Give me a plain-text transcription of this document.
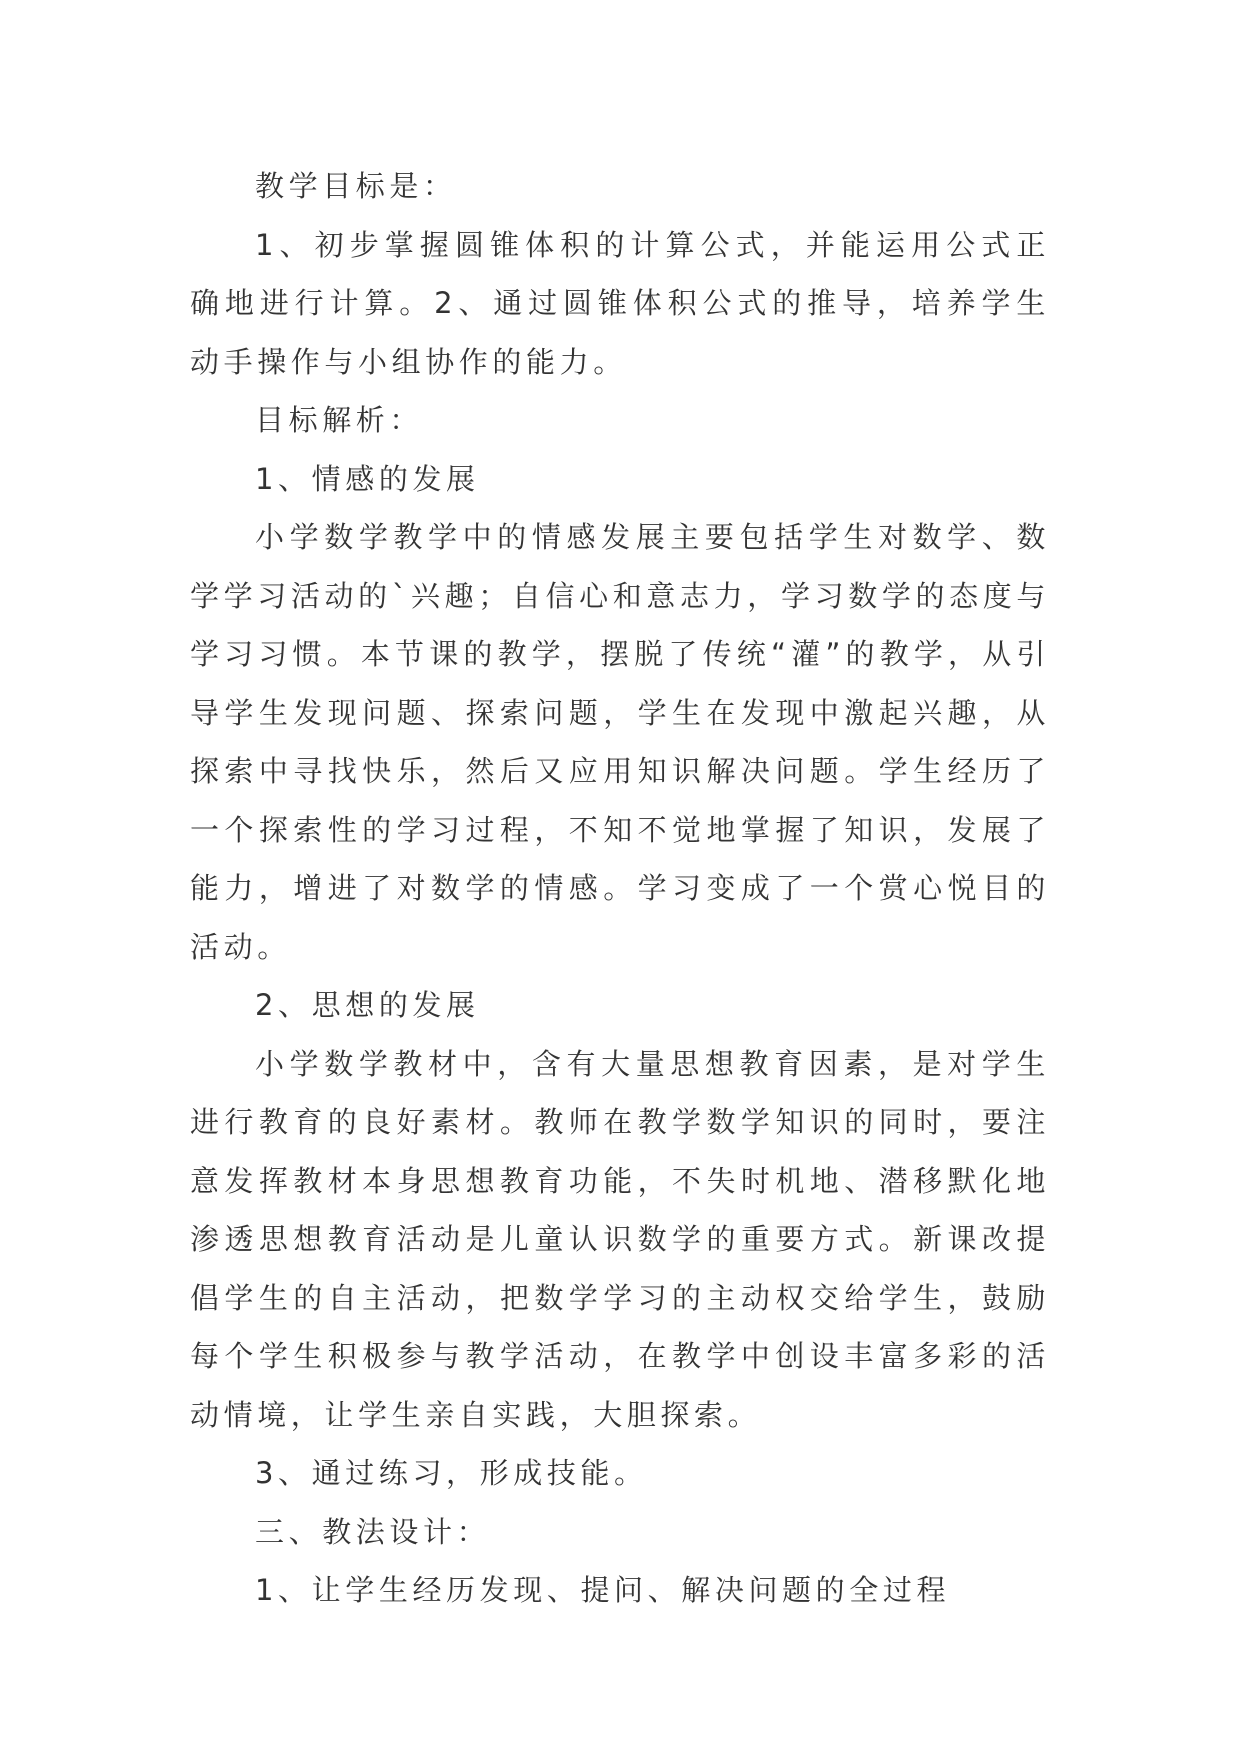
教学目标是：

1、初步掌握圆锥体积的计算公式，并能运用公式正确地进行计算。2、通过圆锥体积公式的推导，培养学生动手操作与小组协作的能力。

目标解析：

1、情感的发展

小学数学教学中的情感发展主要包括学生对数学、数学学习活动的`兴趣；自信心和意志力，学习数学的态度与学习习惯。本节课的教学，摆脱了传统“灌”的教学，从引导学生发现问题、探索问题，学生在发现中激起兴趣，从探索中寻找快乐，然后又应用知识解决问题。学生经历了一个探索性的学习过程，不知不觉地掌握了知识，发展了能力，增进了对数学的情感。学习变成了一个赏心悦目的活动。

2、思想的发展

小学数学教材中，含有大量思想教育因素，是对学生进行教育的良好素材。教师在教学数学知识的同时，要注意发挥教材本身思想教育功能，不失时机地、潜移默化地渗透思想教育活动是儿童认识数学的重要方式。新课改提倡学生的自主活动，把数学学习的主动权交给学生，鼓励每个学生积极参与教学活动，在教学中创设丰富多彩的活动情境，让学生亲自实践，大胆探索。

3、通过练习，形成技能。

三、教法设计：

1、让学生经历发现、提问、解决问题的全过程
